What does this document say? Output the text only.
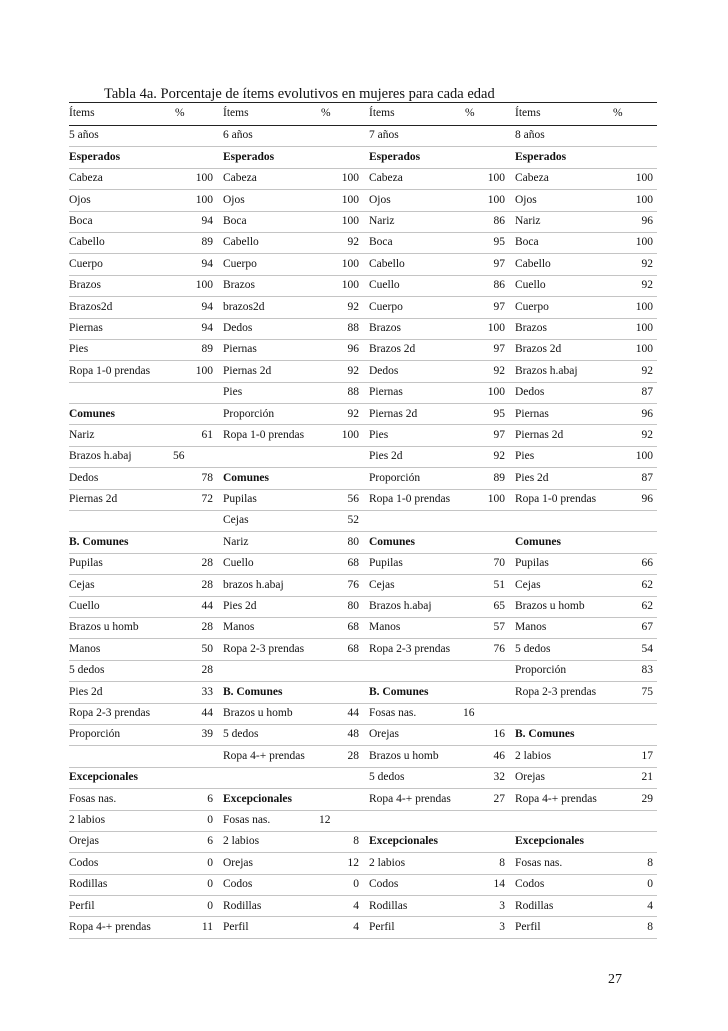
Tabla 4a. Porcentaje de ítems evolutivos en mujeres para cada edad
Ítems	%	Ítems	%	Ítems	%	Ítems	%
5 años		6 años		7 años		8 años	
Esperados		Esperados		Esperados		Esperados	
Cabeza	100	Cabeza	100	Cabeza	100	Cabeza	100
Ojos	100	Ojos	100	Ojos	100	Ojos	100
Boca	94	Boca	100	Nariz	86	Nariz	96
Cabello	89	Cabello	92	Boca	95	Boca	100
Cuerpo	94	Cuerpo	100	Cabello	97	Cabello	92
Brazos	100	Brazos	100	Cuello	86	Cuello	92
Brazos2d	94	brazos2d	92	Cuerpo	97	Cuerpo	100
Piernas	94	Dedos	88	Brazos	100	Brazos	100
Pies	89	Piernas	96	Brazos 2d	97	Brazos 2d	100
Ropa 1-0 prendas	100	Piernas 2d	92	Dedos	92	Brazos h.abaj	92
		Pies	88	Piernas	100	Dedos	87
Comunes		Proporción	92	Piernas 2d	95	Piernas	96
Nariz	61	Ropa 1-0 prendas	100	Pies	97	Piernas 2d	92
Brazos h.abaj	56			Pies 2d	92	Pies	100
Dedos	78	Comunes		Proporción	89	Pies 2d	87
Piernas 2d	72	Pupilas	56	Ropa 1-0 prendas	100	Ropa 1-0 prendas	96
		Cejas	52				
B. Comunes		Nariz	80	Comunes		Comunes	
Pupilas	28	Cuello	68	Pupilas	70	Pupilas	66
Cejas	28	brazos h.abaj	76	Cejas	51	Cejas	62
Cuello	44	Pies 2d	80	Brazos h.abaj	65	Brazos u homb	62
Brazos u homb	28	Manos	68	Manos	57	Manos	67
Manos	50	Ropa 2-3 prendas	68	Ropa 2-3 prendas	76	5 dedos	54
5 dedos	28					Proporción	83
Pies 2d	33	B. Comunes		B. Comunes		Ropa 2-3 prendas	75
Ropa 2-3 prendas	44	Brazos u homb	44	Fosas nas.	16		
Proporción	39	5 dedos	48	Orejas	16	B. Comunes	
		Ropa 4-+ prendas	28	Brazos u homb	46	2 labios	17
Excepcionales				5 dedos	32	Orejas	21
Fosas nas.	6	Excepcionales		Ropa 4-+ prendas	27	Ropa 4-+ prendas	29
2 labios	0	Fosas nas.	12				
Orejas	6	2 labios	8	Excepcionales		Excepcionales	
Codos	0	Orejas	12	2 labios	8	Fosas nas.	8
Rodillas	0	Codos	0	Codos	14	Codos	0
Perfil	0	Rodillas	4	Rodillas	3	Rodillas	4
Ropa 4-+ prendas	11	Perfil	4	Perfil	3	Perfil	8

27
